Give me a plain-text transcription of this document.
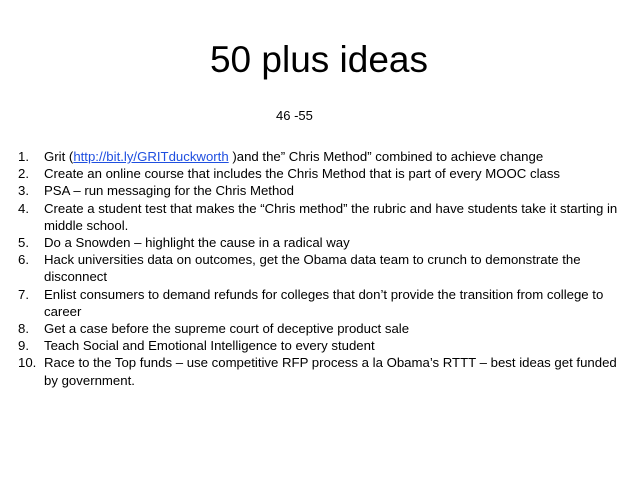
50 plus ideas
46 -55
1. Grit (http://bit.ly/GRITduckworth )and the” Chris Method” combined to achieve change
2. Create an online course that includes the Chris Method that is part of every MOOC class
3. PSA – run messaging for the Chris Method
4. Create a student test that makes the “Chris method” the rubric and have students take it starting in middle school.
5. Do a Snowden – highlight the cause in a radical way
6. Hack universities data on outcomes, get the Obama data team to crunch to demonstrate the disconnect
7. Enlist consumers to demand refunds for colleges that don’t provide the transition from college to career
8. Get a case before the supreme court of deceptive product sale
9. Teach Social and Emotional Intelligence to every student
10. Race to the Top funds – use competitive RFP process a la Obama’s RTTT – best ideas get funded by government.
